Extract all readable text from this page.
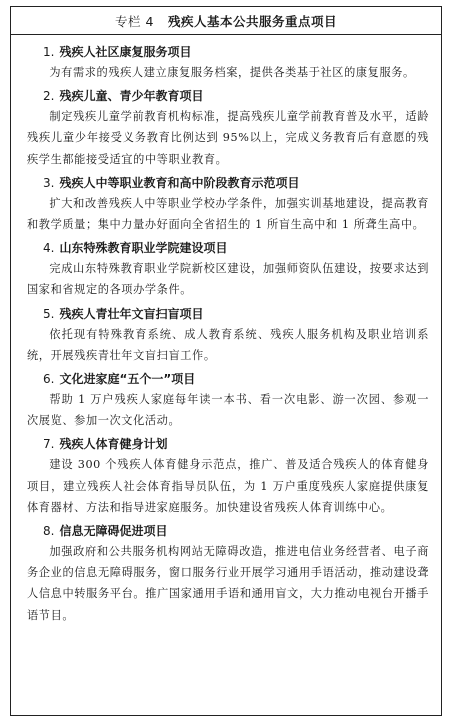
专栏 4 残疾人基本公共服务重点项目
1. 残疾人社区康复服务项目

为有需求的残疾人建立康复服务档案，提供各类基于社区的康复服务。

2. 残疾儿童、青少年教育项目

制定残疾儿童学前教育机构标准，提高残疾儿童学前教育普及水平，适龄残疾儿童少年接受义务教育比例达到 95%以上，完成义务教育后有意愿的残疾学生都能接受适宜的中等职业教育。

3. 残疾人中等职业教育和高中阶段教育示范项目

扩大和改善残疾人中等职业学校办学条件，加强实训基地建设，提高教育和教学质量；集中力量办好面向全省招生的 1 所盲生高中和 1 所聋生高中。

4. 山东特殊教育职业学院建设项目

完成山东特殊教育职业学院新校区建设，加强师资队伍建设，按要求达到国家和省规定的各项办学条件。

5. 残疾人青壮年文盲扫盲项目

依托现有特殊教育系统、成人教育系统、残疾人服务机构及职业培训系统，开展残疾青壮年文盲扫盲工作。

6. 文化进家庭“五个一”项目

帮助 1 万户残疾人家庭每年读一本书、看一次电影、游一次园、参观一次展览、参加一次文化活动。

7. 残疾人体育健身计划

建设 300 个残疾人体育健身示范点，推广、普及适合残疾人的体育健身项目，建立残疾人社会体育指导员队伍，为 1 万户重度残疾人家庭提供康复体育器材、方法和指导进家庭服务。加快建设省残疾人体育训练中心。

8. 信息无障碍促进项目

加强政府和公共服务机构网站无障碍改造，推进电信业务经营者、电子商务企业的信息无障碍服务，窗口服务行业开展学习通用手语活动，推动建设聋人信息中转服务平台。推广国家通用手语和通用盲文，大力推动电视台开播手语节目。
